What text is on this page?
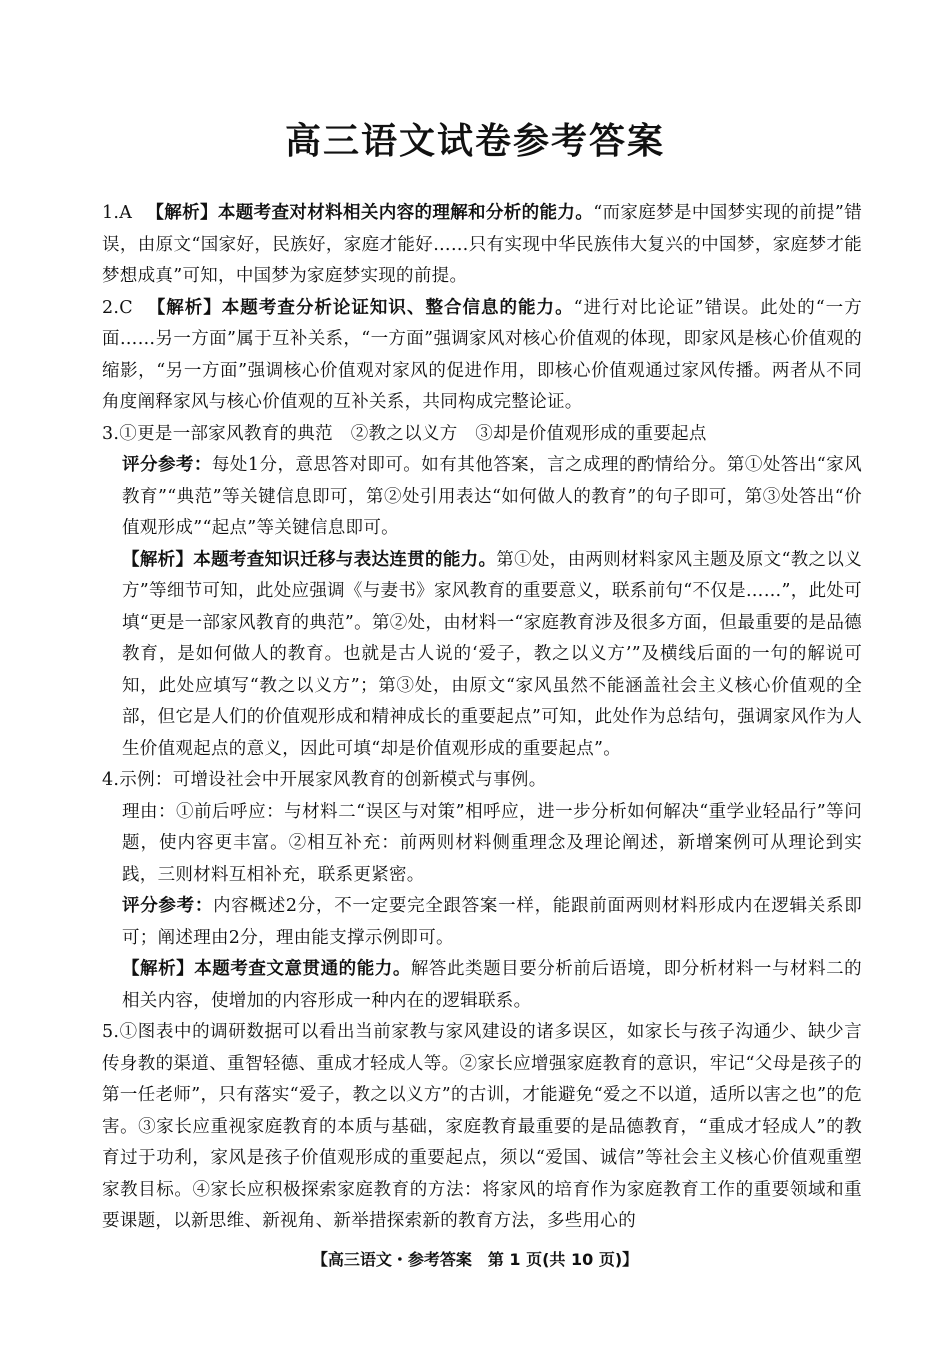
高三语文试卷参考答案

1.A 【解析】本题考查对材料相关内容的理解和分析的能力。“而家庭梦是中国梦实现的前提”错误，由原文“国家好，民族好，家庭才能好……只有实现中华民族伟大复兴的中国梦，家庭梦才能梦想成真”可知，中国梦为家庭梦实现的前提。

2.C 【解析】本题考查分析论证知识、整合信息的能力。“进行对比论证”错误。此处的“一方面……另一方面”属于互补关系，“一方面”强调家风对核心价值观的体现，即家风是核心价值观的缩影，“另一方面”强调核心价值观对家风的促进作用，即核心价值观通过家风传播。两者从不同角度阐释家风与核心价值观的互补关系，共同构成完整论证。

3.①更是一部家风教育的典范　②教之以义方　③却是价值观形成的重要起点

评分参考：每处1分，意思答对即可。如有其他答案，言之成理的酌情给分。第①处答出“家风教育”“典范”等关键信息即可，第②处引用表达“如何做人的教育”的句子即可，第③处答出“价值观形成”“起点”等关键信息即可。

【解析】本题考查知识迁移与表达连贯的能力。第①处，由两则材料家风主题及原文“教之以义方”等细节可知，此处应强调《与妻书》家风教育的重要意义，联系前句“不仅是……”，此处可填“更是一部家风教育的典范”。第②处，由材料一“家庭教育涉及很多方面，但最重要的是品德教育，是如何做人的教育。也就是古人说的‘爱子，教之以义方’”及横线后面的一句的解说可知，此处应填写“教之以义方”；第③处，由原文“家风虽然不能涵盖社会主义核心价值观的全部，但它是人们的价值观形成和精神成长的重要起点”可知，此处作为总结句，强调家风作为人生价值观起点的意义，因此可填“却是价值观形成的重要起点”。

4.示例：可增设社会中开展家风教育的创新模式与事例。

理由：①前后呼应：与材料二“误区与对策”相呼应，进一步分析如何解决“重学业轻品行”等问题，使内容更丰富。②相互补充：前两则材料侧重理念及理论阐述，新增案例可从理论到实践，三则材料互相补充，联系更紧密。

评分参考：内容概述2分，不一定要完全跟答案一样，能跟前面两则材料形成内在逻辑关系即可；阐述理由2分，理由能支撑示例即可。

【解析】本题考查文意贯通的能力。解答此类题目要分析前后语境，即分析材料一与材料二的相关内容，使增加的内容形成一种内在的逻辑联系。

5.①图表中的调研数据可以看出当前家教与家风建设的诸多误区，如家长与孩子沟通少、缺少言传身教的渠道、重智轻德、重成才轻成人等。②家长应增强家庭教育的意识，牢记“父母是孩子的第一任老师”，只有落实“爱子，教之以义方”的古训，才能避免“爱之不以道，适所以害之也”的危害。③家长应重视家庭教育的本质与基础，家庭教育最重要的是品德教育，“重成才轻成人”的教育过于功利，家风是孩子价值观形成的重要起点，须以“爱国、诚信”等社会主义核心价值观重塑家教目标。④家长应积极探索家庭教育的方法：将家风的培育作为家庭教育工作的重要领域和重要课题，以新思维、新视角、新举措探索新的教育方法，多些用心的

【高三语文・参考答案　第 1 页(共 10 页)】
